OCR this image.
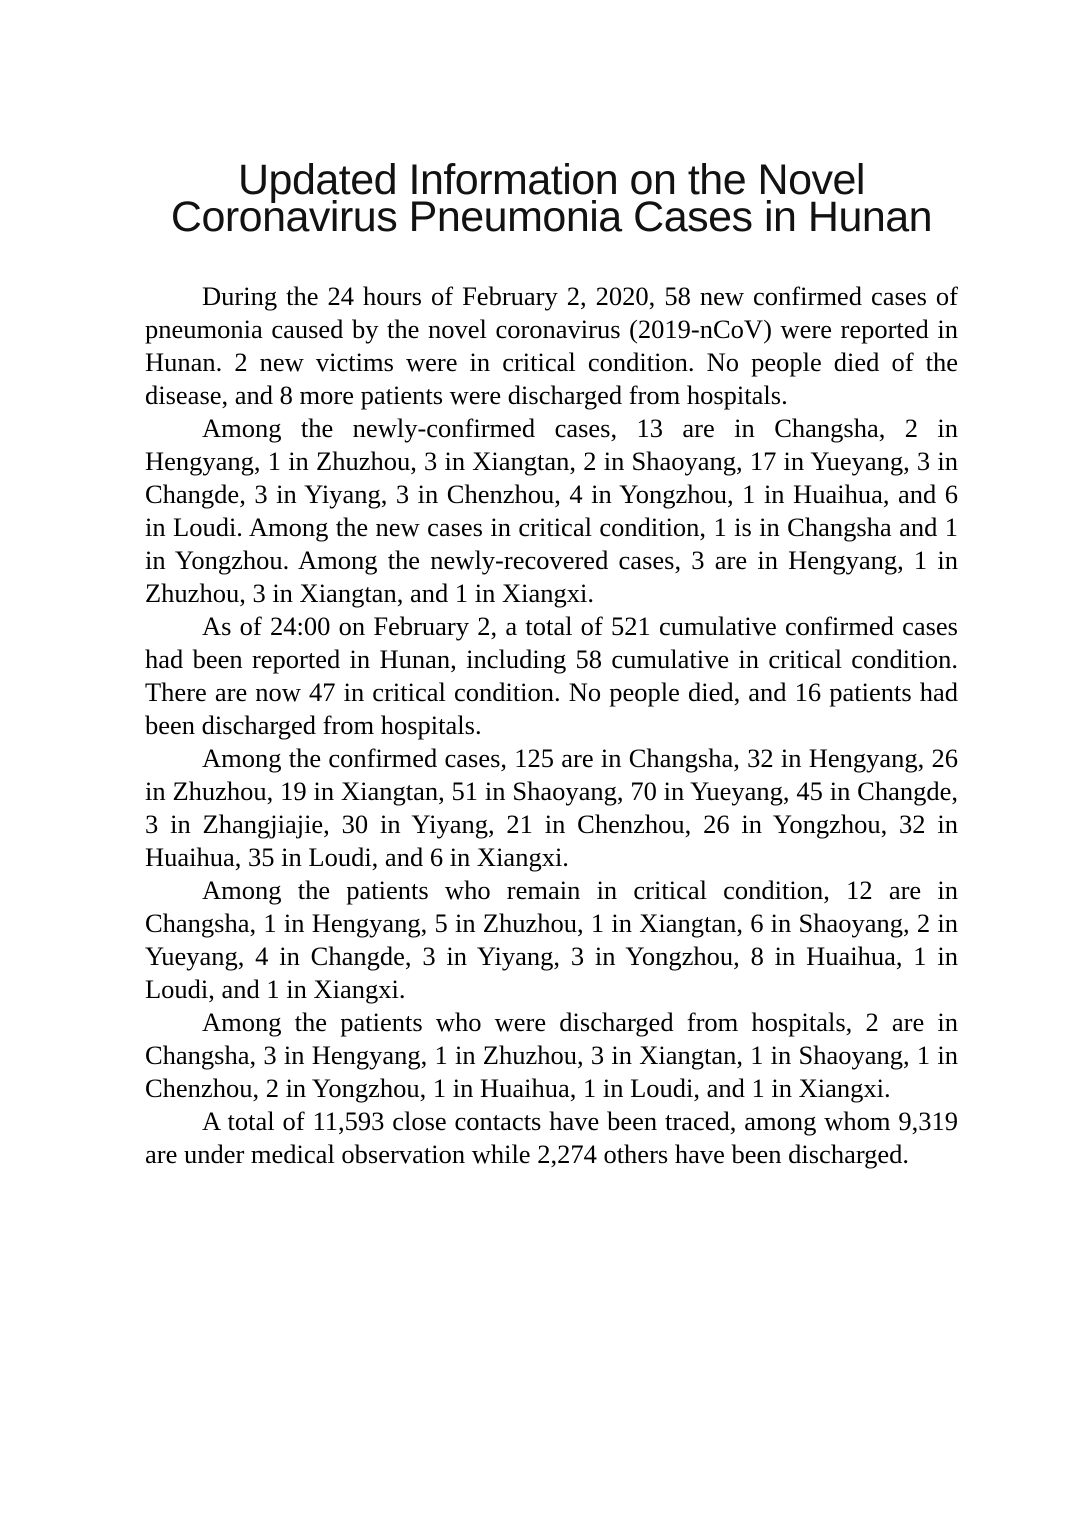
Updated Information on the Novel
Coronavirus Pneumonia Cases in Hunan

During the 24 hours of February 2, 2020, 58 new confirmed cases of pneumonia caused by the novel coronavirus (2019-nCoV) were reported in Hunan. 2 new victims were in critical condition. No people died of the disease, and 8 more patients were discharged from hospitals.

Among the newly-confirmed cases, 13 are in Changsha, 2 in Hengyang, 1 in Zhuzhou, 3 in Xiangtan, 2 in Shaoyang, 17 in Yueyang, 3 in Changde, 3 in Yiyang, 3 in Chenzhou, 4 in Yongzhou, 1 in Huaihua, and 6 in Loudi. Among the new cases in critical condition, 1 is in Changsha and 1 in Yongzhou. Among the newly-recovered cases, 3 are in Hengyang, 1 in Zhuzhou, 3 in Xiangtan, and 1 in Xiangxi.

As of 24:00 on February 2, a total of 521 cumulative confirmed cases had been reported in Hunan, including 58 cumulative in critical condition. There are now 47 in critical condition. No people died, and 16 patients had been discharged from hospitals.

Among the confirmed cases, 125 are in Changsha, 32 in Hengyang, 26 in Zhuzhou, 19 in Xiangtan, 51 in Shaoyang, 70 in Yueyang, 45 in Changde, 3 in Zhangjiajie, 30 in Yiyang, 21 in Chenzhou, 26 in Yongzhou, 32 in Huaihua, 35 in Loudi, and 6 in Xiangxi.

Among the patients who remain in critical condition, 12 are in Changsha, 1 in Hengyang, 5 in Zhuzhou, 1 in Xiangtan, 6 in Shaoyang, 2 in Yueyang, 4 in Changde, 3 in Yiyang, 3 in Yongzhou, 8 in Huaihua, 1 in Loudi, and 1 in Xiangxi.

Among the patients who were discharged from hospitals, 2 are in Changsha, 3 in Hengyang, 1 in Zhuzhou, 3 in Xiangtan, 1 in Shaoyang, 1 in Chenzhou, 2 in Yongzhou, 1 in Huaihua, 1 in Loudi, and 1 in Xiangxi.

A total of 11,593 close contacts have been traced, among whom 9,319 are under medical observation while 2,274 others have been discharged.
